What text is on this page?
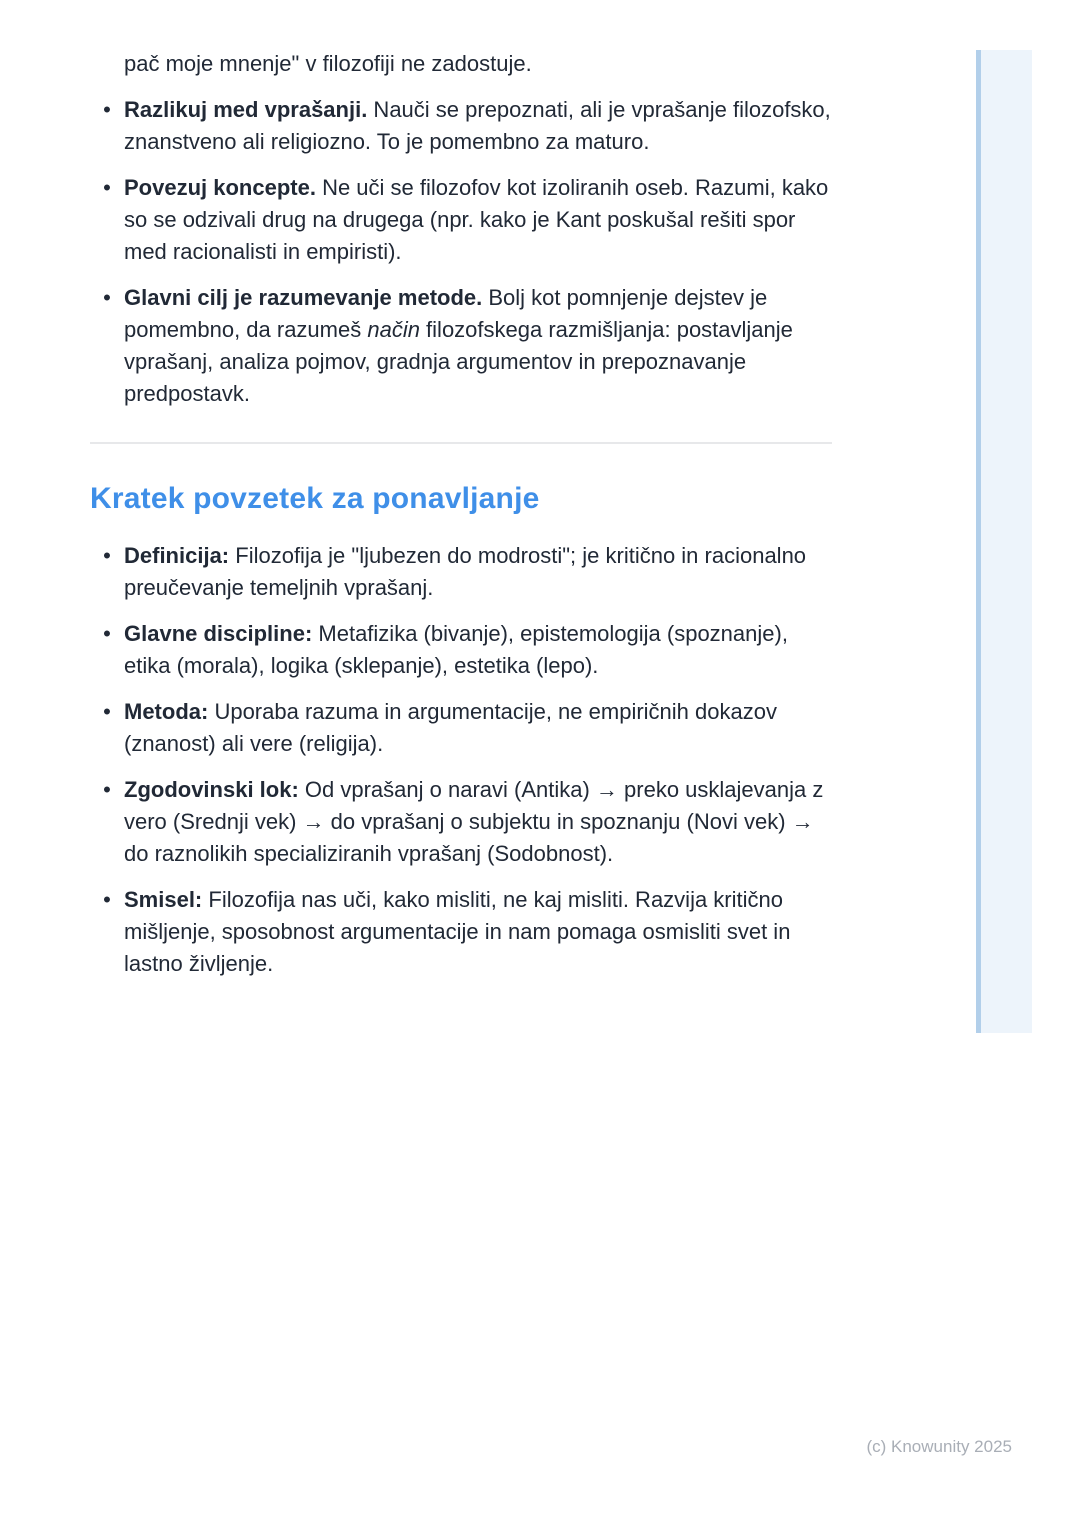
pač moje mnenje" v filozofiji ne zadostuje.

• Razlikuj med vprašanji. Nauči se prepoznati, ali je vprašanje filozofsko, znanstveno ali religiozno. To je pomembno za maturo.
• Povezuj koncepte. Ne uči se filozofov kot izoliranih oseb. Razumi, kako so se odzivali drug na drugega (npr. kako je Kant poskušal rešiti spor med racionalisti in empiristi).
• Glavni cilj je razumevanje metode. Bolj kot pomnjenje dejstev je pomembno, da razumeš način filozofskega razmišljanja: postavljanje vprašanj, analiza pojmov, gradnja argumentov in prepoznavanje predpostavk.
Kratek povzetek za ponavljanje
• Definicija: Filozofija je "ljubezen do modrosti"; je kritično in racionalno preučevanje temeljnih vprašanj.
• Glavne discipline: Metafizika (bivanje), epistemologija (spoznanje), etika (morala), logika (sklepanje), estetika (lepo).
• Metoda: Uporaba razuma in argumentacije, ne empiričnih dokazov (znanost) ali vere (religija).
• Zgodovinski lok: Od vprašanj o naravi (Antika) → preko usklajevanja z vero (Srednji vek) → do vprašanj o subjektu in spoznanju (Novi vek) → do raznolikih specializiranih vprašanj (Sodobnost).
• Smisel: Filozofija nas uči, kako misliti, ne kaj misliti. Razvija kritično mišljenje, sposobnost argumentacije in nam pomaga osmisliti svet in lastno življenje.
(c) Knowunity 2025
